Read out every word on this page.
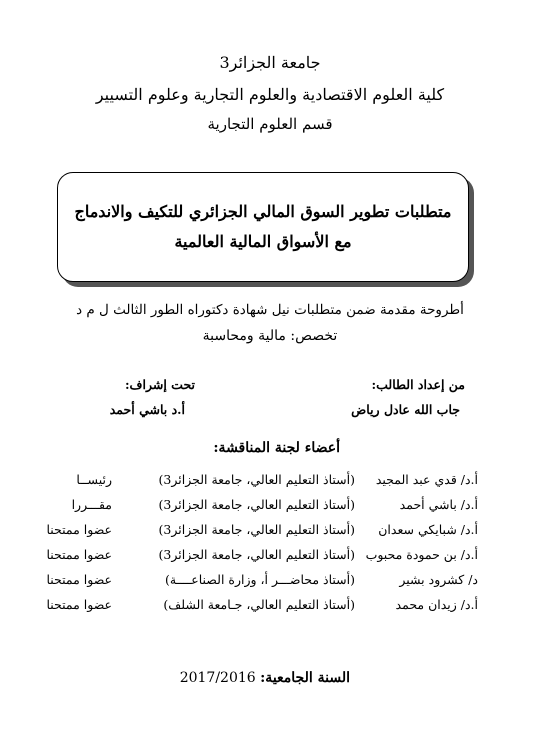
جامعة الجزائر3
كلية العلوم الاقتصادية والعلوم التجارية وعلوم التسيير
قسم العلوم التجارية
متطلبات تطوير السوق المالي الجزائري للتكيف والاندماج
مع الأسواق المالية العالمية
أطروحة مقدمة ضمن متطلبات نيل شهادة دكتوراه الطور الثالث ل م د
تخصص: مالية ومحاسبة
من إعداد الطالب:
جاب الله عادل رياض
تحت إشراف:
أ.د باشي أحمد
أعضاء لجنة المناقشة:
أ.د/ قدي عبد المجيد
(أستاذ التعليم العالي، جامعة الجزائر3)
رئيســا
أ.د/ باشي أحمد
(أستاذ التعليم العالي، جامعة الجزائر3)
مقـــررا
أ.د/ شبايكي سعدان
(أستاذ التعليم العالي، جامعة الجزائر3)
عضوا ممتحنا
أ.د/ بن حمودة محبوب
(أستاذ التعليم العالي، جامعة الجزائر3)
عضوا ممتحنا
د/ كشرود بشير
(أستاذ محاضـــر أ، وزارة الصناعــــة)
عضوا ممتحنا
أ.د/ زيدان محمد
(أستاذ التعليم العالي، جـامعة الشلف)
عضوا ممتحنا
السنة الجامعية: 2017/2016
